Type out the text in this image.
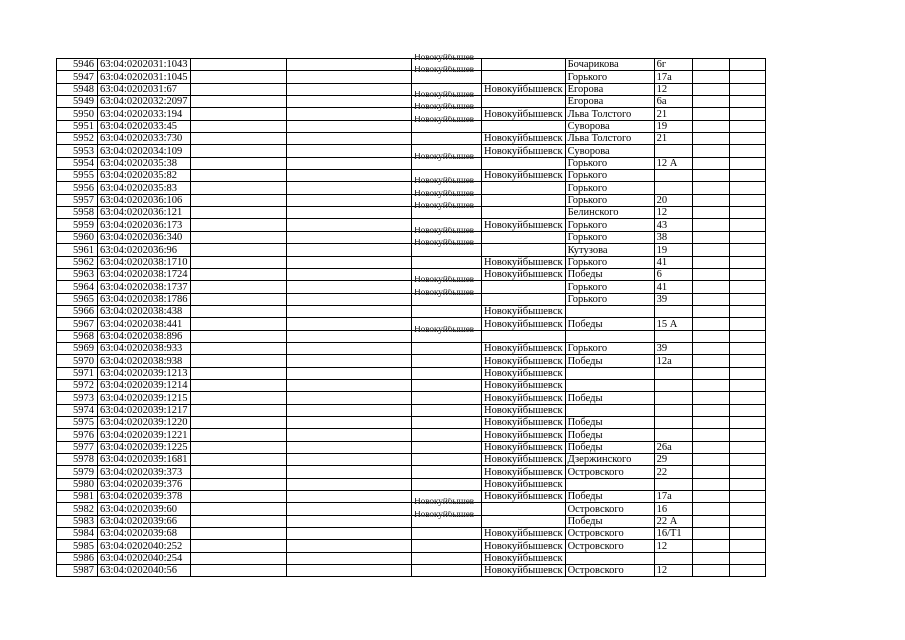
5946	63:04:0202031:1043			Новокуйбышев		Бочарикова	6г		
5947	63:04:0202031:1045			Новокуйбышев		Горького	17а		
5948	63:04:0202031:67				Новокуйбышевск	Егорова	12		
5949	63:04:0202032:2097			Новокуйбышев		Егорова	6а		
5950	63:04:0202033:194			Новокуйбышев	Новокуйбышевск	Льва Толстого	21		
5951	63:04:0202033:45			Новокуйбышев		Суворова	19		
5952	63:04:0202033:730				Новокуйбышевск	Льва Толстого	21		
5953	63:04:0202034:109				Новокуйбышевск	Суворова			
5954	63:04:0202035:38			Новокуйбышев		Горького	12 А		
5955	63:04:0202035:82				Новокуйбышевск	Горького			
5956	63:04:0202035:83			Новокуйбышев		Горького			
5957	63:04:0202036:106			Новокуйбышев		Горького	20		
5958	63:04:0202036:121			Новокуйбышев		Белинского	12		
5959	63:04:0202036:173				Новокуйбышевск	Горького	43		
5960	63:04:0202036:340			Новокуйбышев		Горького	38		
5961	63:04:0202036:96			Новокуйбышев		Кутузова	19		
5962	63:04:0202038:1710				Новокуйбышевск	Горького	41		
5963	63:04:0202038:1724				Новокуйбышевск	Победы	6		
5964	63:04:0202038:1737			Новокуйбышев		Горького	41		
5965	63:04:0202038:1786			Новокуйбышев		Горького	39		
5966	63:04:0202038:438				Новокуйбышевск				
5967	63:04:0202038:441				Новокуйбышевск	Победы	15 А		
5968	63:04:0202038:896			Новокуйбышев					

5969	63:04:0202038:933				Новокуйбышевск	Горького	39		
5970	63:04:0202038:938				Новокуйбышевск	Победы	12а		
5971	63:04:0202039:1213				Новокуйбышевск				
5972	63:04:0202039:1214				Новокуйбышевск				
5973	63:04:0202039:1215				Новокуйбышевск	Победы			
5974	63:04:0202039:1217				Новокуйбышевск				
5975	63:04:0202039:1220				Новокуйбышевск	Победы			
5976	63:04:0202039:1221				Новокуйбышевск	Победы			
5977	63:04:0202039:1225				Новокуйбышевск	Победы	26а		
5978	63:04:0202039:1681				Новокуйбышевск	Дзержинского	29		
5979	63:04:0202039:373				Новокуйбышевск	Островского	22		
5980	63:04:0202039:376				Новокуйбышевск				
5981	63:04:0202039:378				Новокуйбышевск	Победы	17а		
5982	63:04:0202039:60			Новокуйбышев		Островского	16		
5983	63:04:0202039:66			Новокуйбышев		Победы	22 А		
5984	63:04:0202039:68				Новокуйбышевск	Островского	16/Т1		
5985	63:04:0202040:252				Новокуйбышевск	Островского	12		
5986	63:04:0202040:254				Новокуйбышевск				
5987	63:04:0202040:56				Новокуйбышевск	Островского	12		
